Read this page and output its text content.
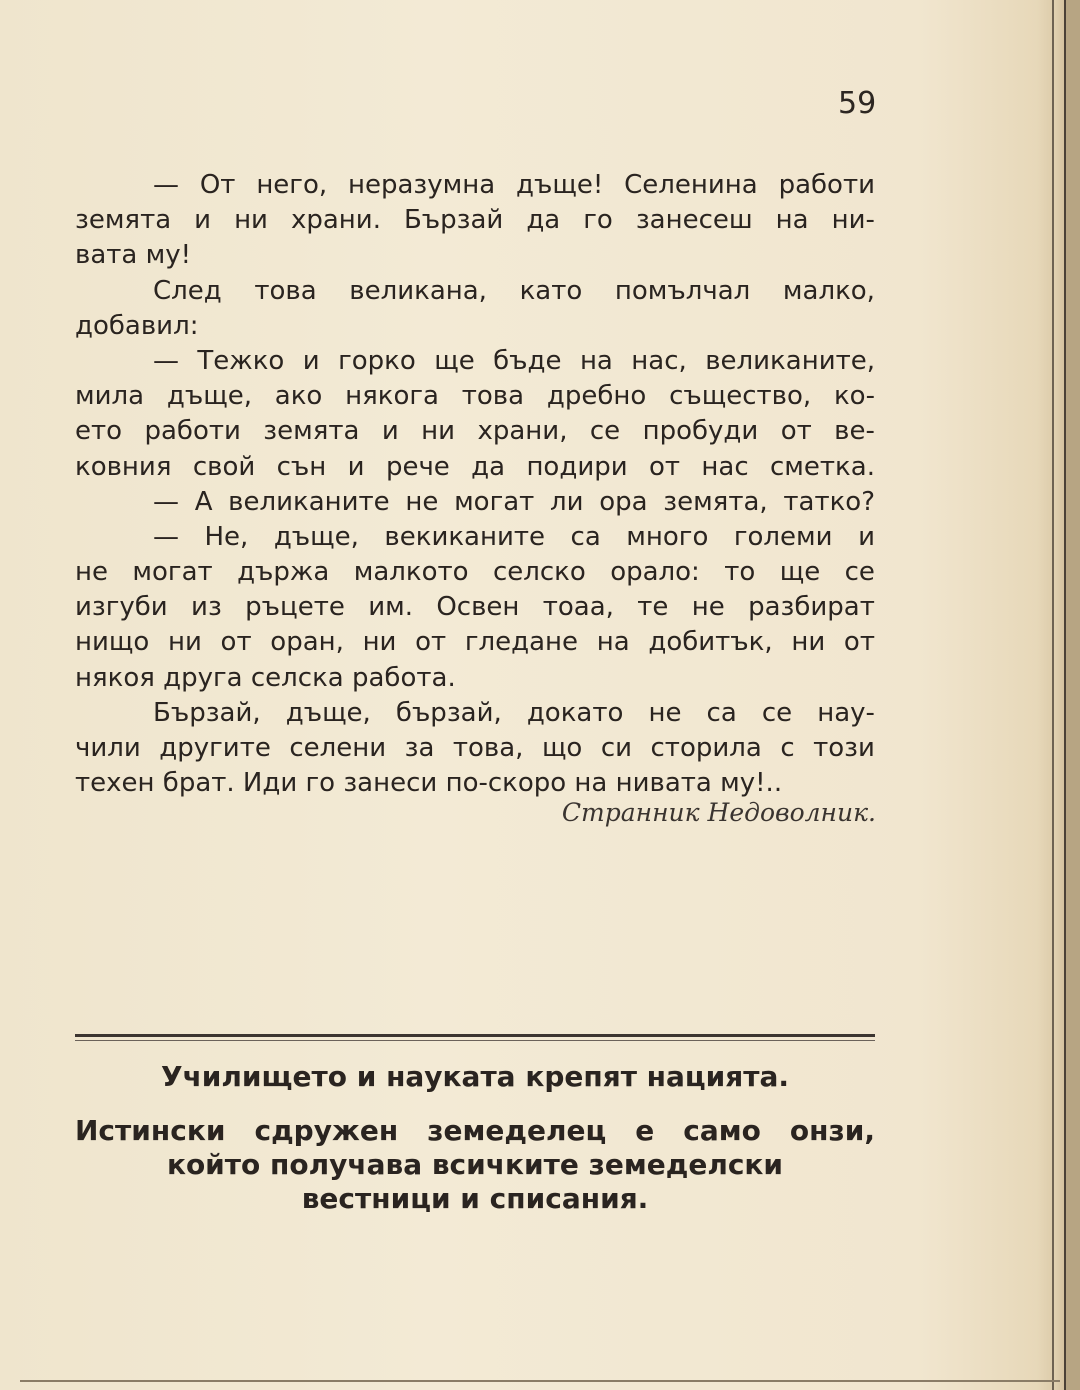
59
— От него, неразумна дъще! Селенина работи
земята и ни храни. Бързай да го занесеш на ни-
вата му!
След това великана, като помълчал малко,
добавил:
— Тежко и горко ще бъде на нас, великаните,
мила дъще, ако някога това дребно същество, ко-
ето работи земята и ни храни, се пробуди от ве-
ковния свой сън и рече да подири от нас сметка.
— А великаните не могат ли ора земята, татко?
— Не, дъще, векиканите са много големи и
не могат държа малкото селско орало: то ще се
изгуби из ръцете им. Освен тоаа, те не разбират
нищо ни от оран, ни от гледане на добитък, ни от
някоя друга селска работа.
Бързай, дъще, бързай, докато не са се нау-
чили другите селени за това, що си сторила с този
техен брат. Иди го занеси по-скоро на нивата му!..
Странник Недоволник.
Училището и науката крепят нацията.
Истински сдружен земеделец е само онзи,
който получава всичките земеделски
вестници и списания.
